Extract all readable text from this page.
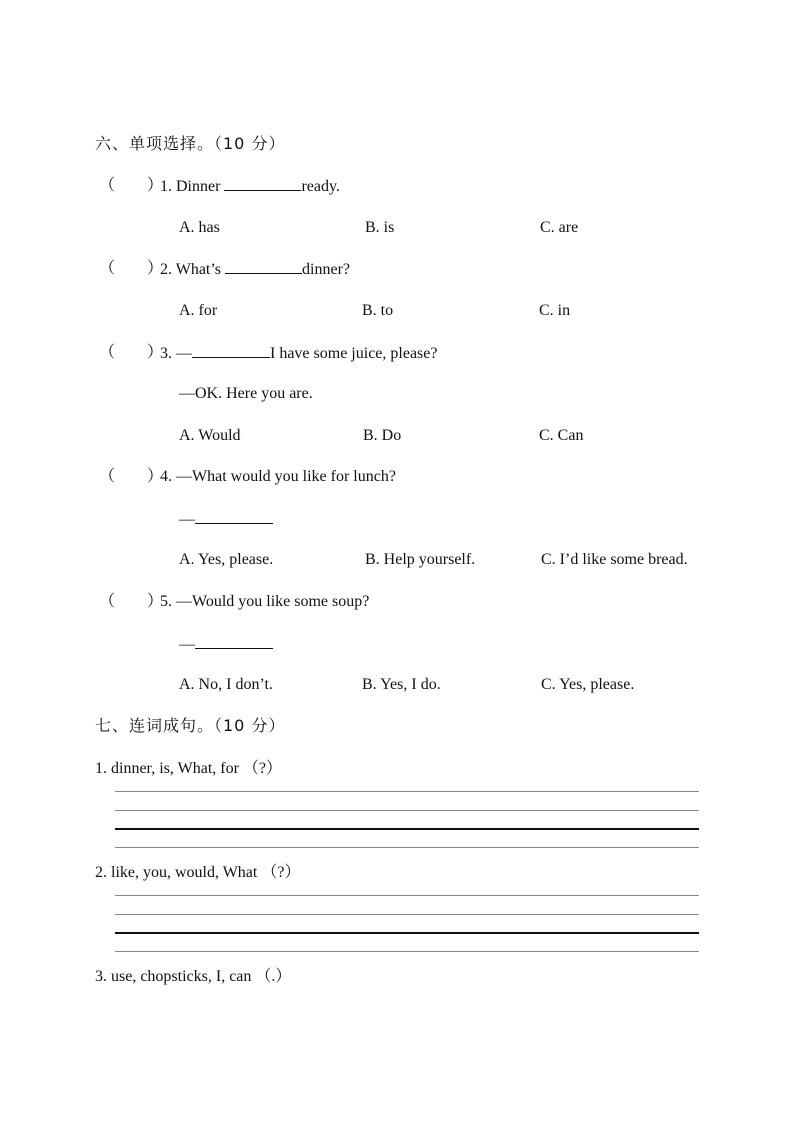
六、单项选择。（10 分）
（　　）
1. Dinner	ready.
A. has	B. is	C. are
（　　）
2. What’s	dinner?
A. for	B. to	C. in
（　　）
3. —	I have some juice, please?
—OK. Here you are.
A. Would	B. Do	C. Can
（　　）
4. —What would you like for lunch?
—
A. Yes, please.	B. Help yourself.	C. I’d like some bread.
（　　）
5. —Would you like some soup?
—
A. No, I don’t.	B. Yes, I do.	C. Yes, please.
七、连词成句。（10 分）
1. dinner, is, What, for （?）
2. like, you, would, What （?）
3. use, chopsticks, I, can （.）
